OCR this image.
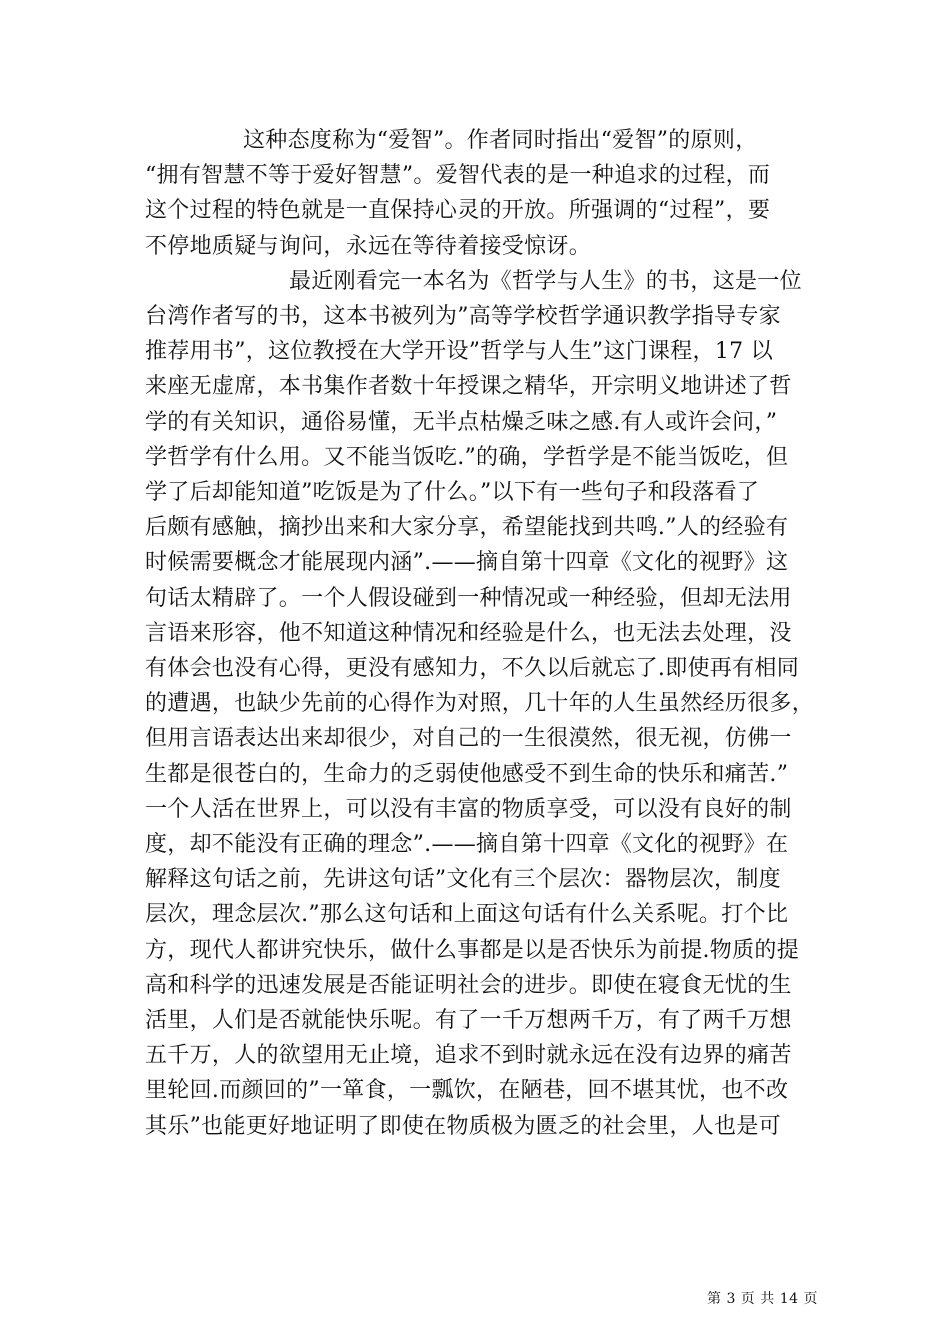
这种态度称为“爱智”。作者同时指出“爱智”的原则，
“拥有智慧不等于爱好智慧”。爱智代表的是一种追求的过程，而
这个过程的特色就是一直保持心灵的开放。所强调的“过程”，要
不停地质疑与询问，永远在等待着接受惊讶。
最近刚看完一本名为《哲学与人生》的书，这是一位
台湾作者写的书，这本书被列为”高等学校哲学通识教学指导专家
推荐用书”，这位教授在大学开设”哲学与人生”这门课程，17 以
来座无虚席，本书集作者数十年授课之精华，开宗明义地讲述了哲
学的有关知识，通俗易懂，无半点枯燥乏味之感.有人或许会问，”
学哲学有什么用。又不能当饭吃.”的确，学哲学是不能当饭吃，但
学了后却能知道”吃饭是为了什么。”以下有一些句子和段落看了
后颇有感触，摘抄出来和大家分享，希望能找到共鸣.”人的经验有
时候需要概念才能展现内涵”.——摘自第十四章《文化的视野》这
句话太精辟了。一个人假设碰到一种情况或一种经验，但却无法用
言语来形容，他不知道这种情况和经验是什么，也无法去处理，没
有体会也没有心得，更没有感知力，不久以后就忘了.即使再有相同
的遭遇，也缺少先前的心得作为对照，几十年的人生虽然经历很多，
但用言语表达出来却很少，对自己的一生很漠然，很无视，仿佛一
生都是很苍白的，生命力的乏弱使他感受不到生命的快乐和痛苦.”
一个人活在世界上，可以没有丰富的物质享受，可以没有良好的制
度，却不能没有正确的理念”.——摘自第十四章《文化的视野》在
解释这句话之前，先讲这句话”文化有三个层次：器物层次，制度
层次，理念层次.”那么这句话和上面这句话有什么关系呢。打个比
方，现代人都讲究快乐，做什么事都是以是否快乐为前提.物质的提
高和科学的迅速发展是否能证明社会的进步。即使在寝食无忧的生
活里，人们是否就能快乐呢。有了一千万想两千万，有了两千万想
五千万，人的欲望用无止境，追求不到时就永远在没有边界的痛苦
里轮回.而颜回的”一箪食，一瓢饮，在陋巷，回不堪其忧，也不改
其乐”也能更好地证明了即使在物质极为匮乏的社会里，人也是可
第 3 页 共 14 页
